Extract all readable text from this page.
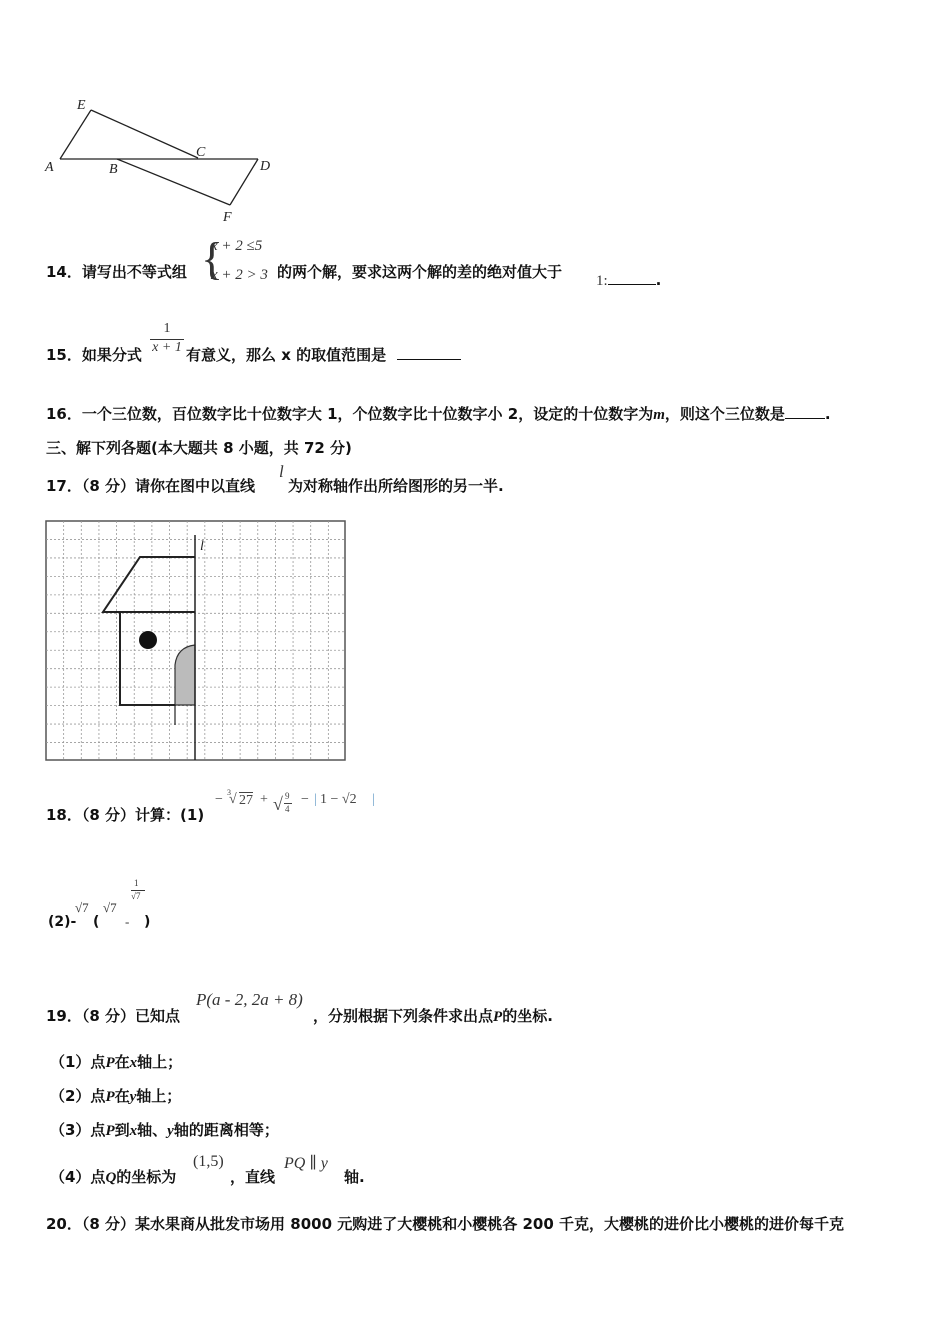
E
A	B
C
D
F
14．请写出不等式组 {
x + 2 ≤5
x + 2 > 3 的两个解，要求这两个解的差的绝对值大于 1:	.
15．如果分式
1
x + 1 有意义，那么 x 的取值范围是
16．一个三位数，百位数字比十位数字大 1，个位数字比十位数字小 2，设定的十位数字为m，则这个三位数是	.
三、解下列各题(本大题共 8 小题，共 72 分)
17．（8 分）请你在图中以直线
l
为对称轴作出所给图形的另一半.
l
18．（8 分）计算：(1)
− 3
√ 27 + √ 9
4
− | 1 − √2 |
(2)-
√7
(
√7
-
1
√7
)
19．（8 分）已知点
P(a - 2, 2a + 8)
，分别根据下列条件求出点P的坐标.
（1）点P在x轴上；
（2）点P在y轴上；
（3）点P到x轴、y轴的距离相等；
（4）点Q的坐标为
(1,5)
，直线
PQ ∥ y
轴.
20．（8 分）某水果商从批发市场用 8000 元购进了大樱桃和小樱桃各 200 千克，大樱桃的进价比小樱桃的进价每千克
